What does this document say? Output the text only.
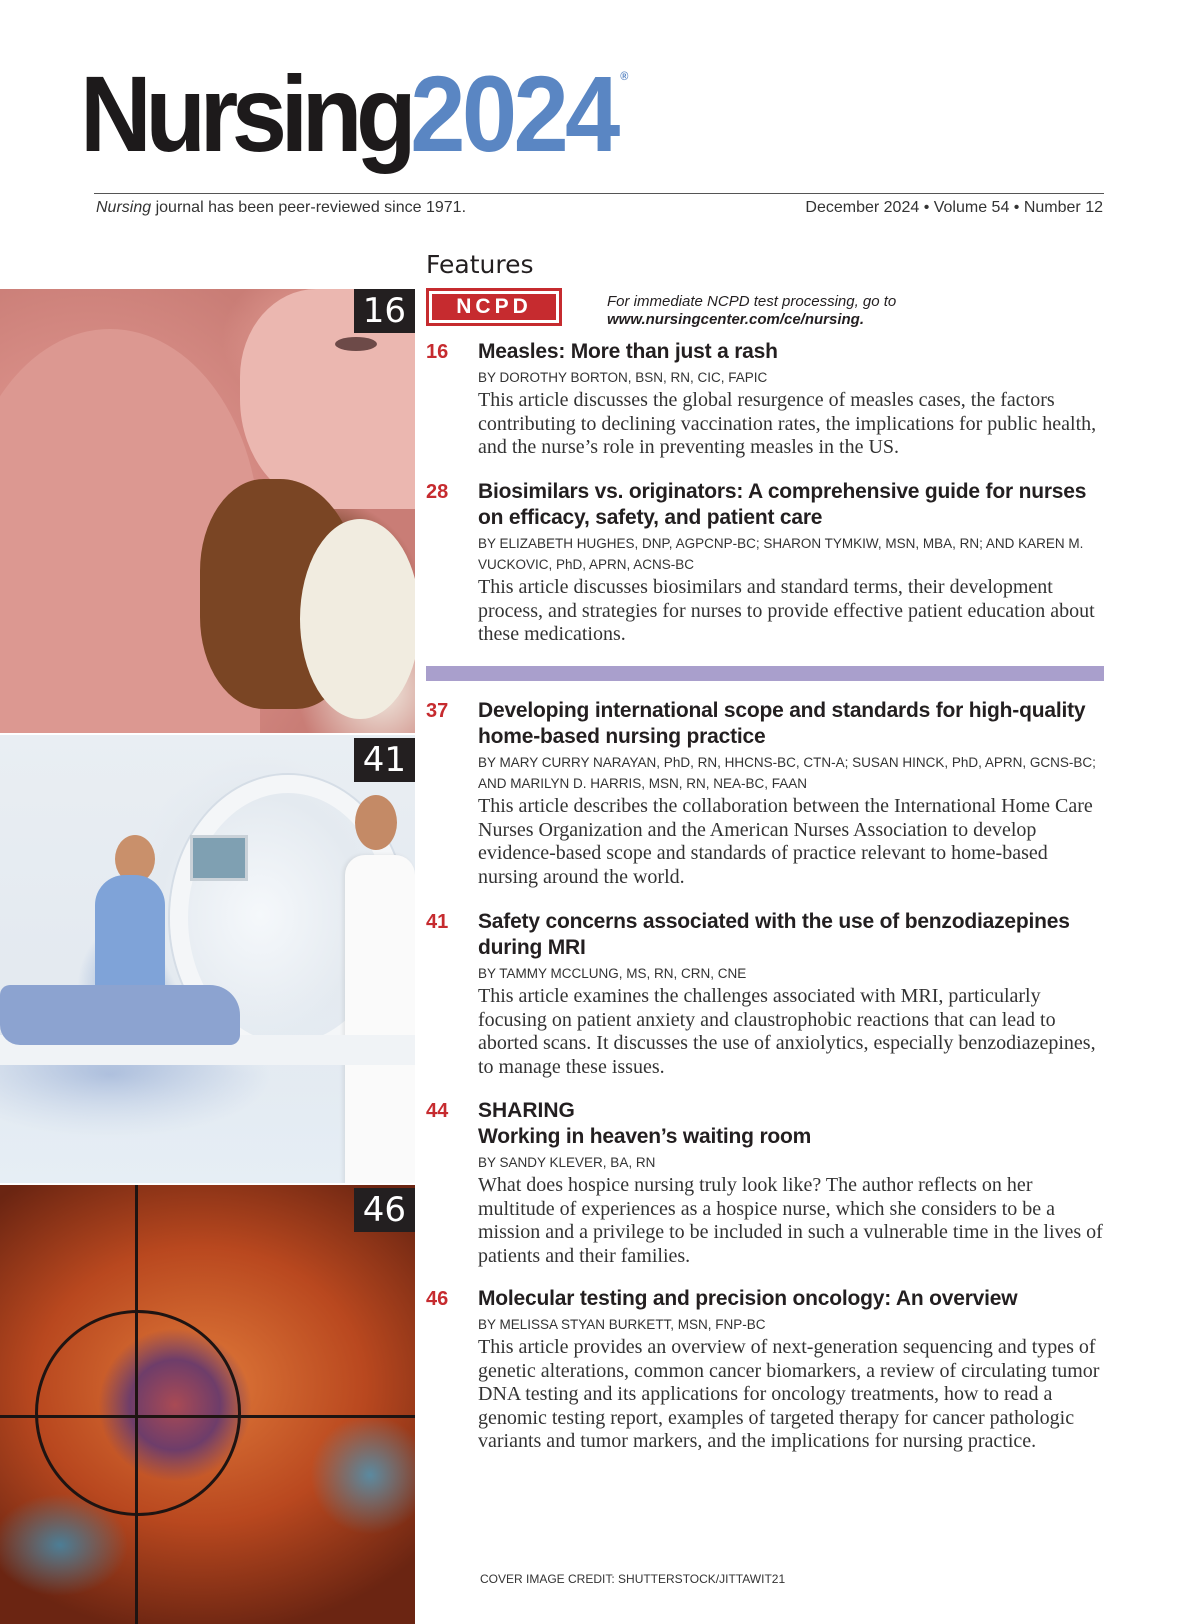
Nursing2024 ®
Nursing journal has been peer-reviewed since 1971.	December 2024 • Volume 54 • Number 12
16
41
46
Features
NCPD	For immediate NCPD test processing, go to
www.nursingcenter.com/ce/nursing.
16	Measles: More than just a rash
BY DOROTHY BORTON, BSN, RN, CIC, FAPIC
This article discusses the global resurgence of measles cases, the factors contributing to declining vaccination rates, the implications for public health, and the nurse’s role in preventing measles in the US.
28	Biosimilars vs. originators: A comprehensive guide for nurses on efficacy, safety, and patient care
BY ELIZABETH HUGHES, DNP, AGPCNP-BC; SHARON TYMKIW, MSN, MBA, RN; AND KAREN M. VUCKOVIC, PhD, APRN, ACNS-BC
This article discusses biosimilars and standard terms, their development process, and strategies for nurses to provide effective patient education about these medications.
37	Developing international scope and standards for high-quality home-based nursing practice
BY MARY CURRY NARAYAN, PhD, RN, HHCNS-BC, CTN-A; SUSAN HINCK, PhD, APRN, GCNS-BC; AND MARILYN D. HARRIS, MSN, RN, NEA-BC, FAAN
This article describes the collaboration between the International Home Care Nurses Organization and the American Nurses Association to develop evidence-based scope and standards of practice relevant to home-based nursing around the world.
41	Safety concerns associated with the use of benzodiazepines during MRI
BY TAMMY MCCLUNG, MS, RN, CRN, CNE
This article examines the challenges associated with MRI, particularly focusing on patient anxiety and claustrophobic reactions that can lead to aborted scans. It discusses the use of anxiolytics, especially benzodiazepines, to manage these issues.
44	SHARING
Working in heaven’s waiting room
BY SANDY KLEVER, BA, RN
What does hospice nursing truly look like? The author reflects on her multitude of experiences as a hospice nurse, which she considers to be a mission and a privilege to be included in such a vulnerable time in the lives of patients and their families.
46	Molecular testing and precision oncology: An overview
BY MELISSA STYAN BURKETT, MSN, FNP-BC
This article provides an overview of next-generation sequencing and types of genetic alterations, common cancer biomarkers, a review of circulating tumor DNA testing and its applications for oncology treatments, how to read a genomic testing report, examples of targeted therapy for cancer pathologic variants and tumor markers, and the implications for nursing practice.
COVER IMAGE CREDIT: SHUTTERSTOCK/JITTAWIT21
